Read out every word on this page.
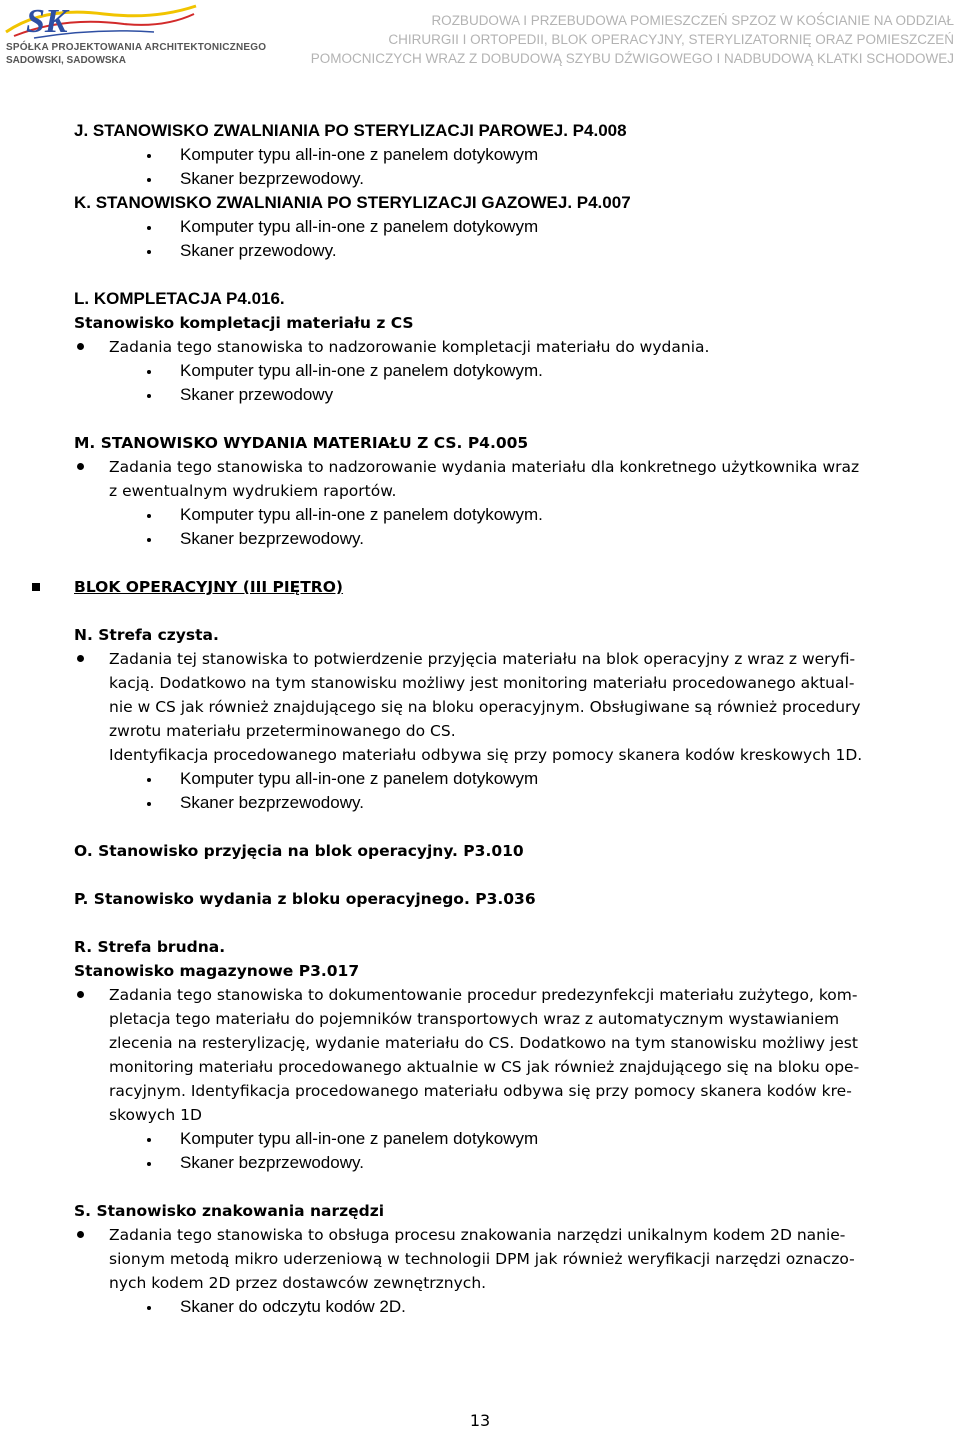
SK
SPÓŁKA PROJEKTOWANIA ARCHITEKTONICZNEGO
SADOWSKI, SADOWSKA
ROZBUDOWA I PRZEBUDOWA POMIESZCZEŃ SPZOZ W KOŚCIANIE NA ODDZIAŁ
CHIRURGII I ORTOPEDII, BLOK OPERACYJNY, STERYLIZATORNIĘ ORAZ POMIESZCZEŃ
POMOCNICZYCH WRAZ Z DOBUDOWĄ SZYBU DŹWIGOWEGO I NADBUDOWĄ KLATKI SCHODOWEJ
J. STANOWISKO ZWALNIANIA PO STERYLIZACJI PAROWEJ. P4.008
Komputer typu all-in-one z panelem dotykowym
Skaner bezprzewodowy.
K. STANOWISKO ZWALNIANIA PO STERYLIZACJI GAZOWEJ. P4.007
Komputer typu all-in-one z panelem dotykowym
Skaner przewodowy.
L. KOMPLETACJA P4.016.
Stanowisko kompletacji materiału z CS
Zadania tego stanowiska to nadzorowanie kompletacji materiału do wydania.
Komputer typu all-in-one z panelem dotykowym.
Skaner przewodowy
M. STANOWISKO WYDANIA MATERIAŁU Z CS. P4.005
Zadania tego stanowiska to nadzorowanie wydania materiału dla konkretnego użytkownika wraz
z ewentualnym wydrukiem raportów.
Komputer typu all-in-one z panelem dotykowym.
Skaner bezprzewodowy.
BLOK OPERACYJNY (III PIĘTRO)
N. Strefa czysta.
Zadania tej stanowiska to potwierdzenie przyjęcia materiału na blok operacyjny z wraz z weryfi-
kacją. Dodatkowo na tym stanowisku możliwy jest monitoring materiału procedowanego aktual-
nie w CS jak również znajdującego się na bloku operacyjnym. Obsługiwane są również procedury
zwrotu materiału przeterminowanego do CS.
Identyfikacja procedowanego materiału odbywa się przy pomocy skanera kodów kreskowych 1D.
Komputer typu all-in-one z panelem dotykowym
Skaner bezprzewodowy.
O. Stanowisko przyjęcia na blok operacyjny. P3.010
P. Stanowisko wydania z bloku operacyjnego. P3.036
R. Strefa brudna.
Stanowisko magazynowe P3.017
Zadania tego stanowiska to dokumentowanie procedur predezynfekcji materiału zużytego, kom-
pletacja tego materiału do pojemników transportowych wraz z automatycznym wystawianiem
zlecenia na resterylizację, wydanie materiału do CS. Dodatkowo na tym stanowisku możliwy jest
monitoring materiału procedowanego aktualnie w CS jak również znajdującego się na bloku ope-
racyjnym. Identyfikacja procedowanego materiału odbywa się przy pomocy skanera kodów kre-
skowych 1D
Komputer typu all-in-one z panelem dotykowym
Skaner bezprzewodowy.
S. Stanowisko znakowania narzędzi
Zadania tego stanowiska to obsługa procesu znakowania narzędzi unikalnym kodem 2D nanie-
sionym metodą mikro uderzeniową w technologii DPM jak również weryfikacji narzędzi oznaczo-
nych kodem 2D przez dostawców zewnętrznych.
Skaner do odczytu kodów 2D.
13
